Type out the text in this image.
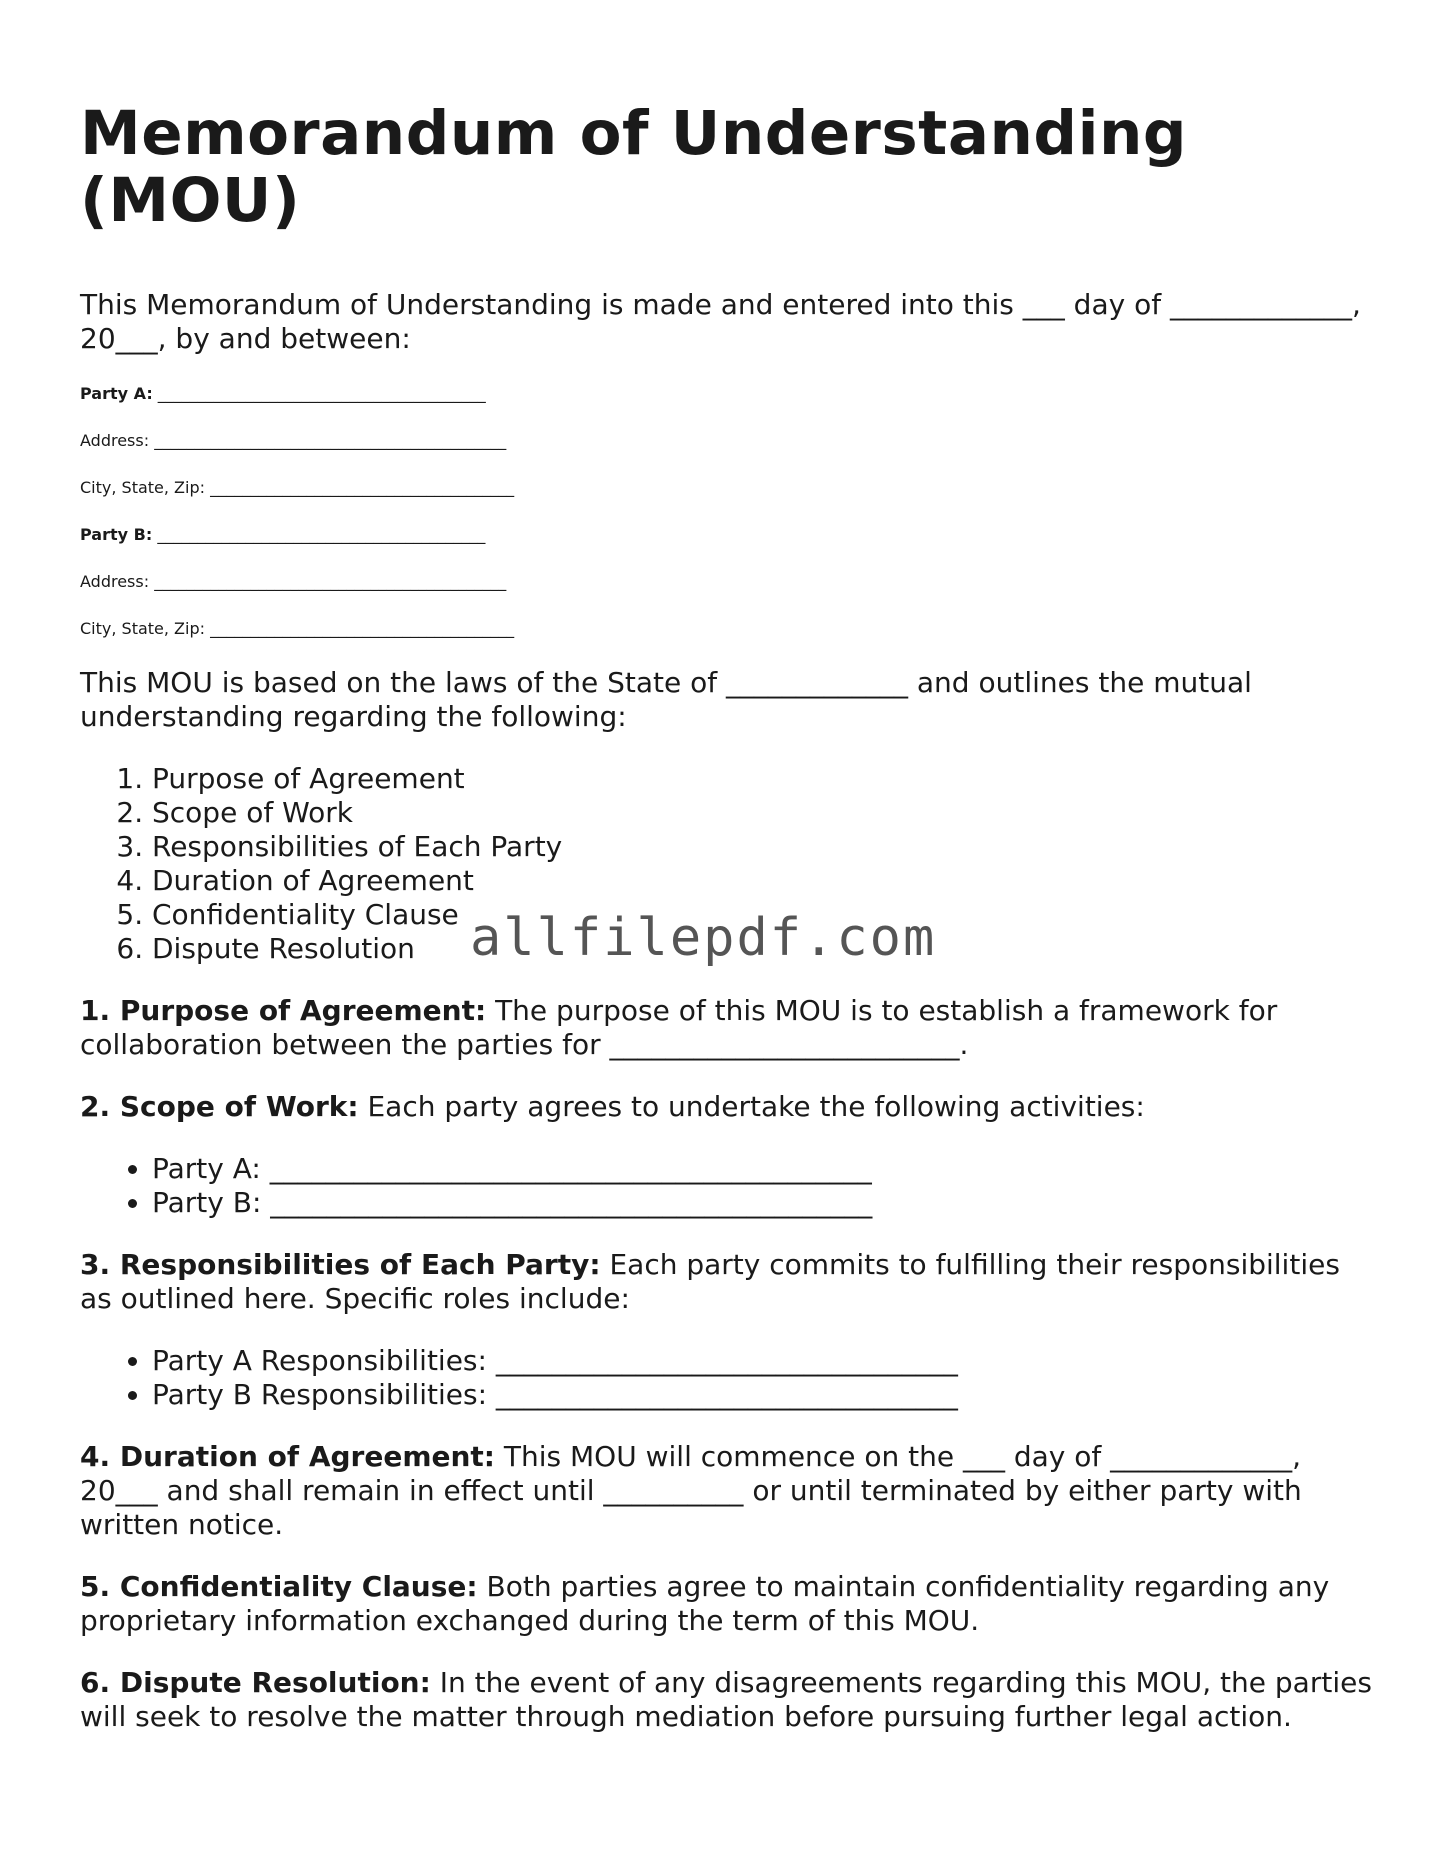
Memorandum of Understanding (MOU)

This Memorandum of Understanding is made and entered into this ___ day of _____________, 20___, by and between:

Party A: _________________________________________
Address: ____________________________________________
City, State, Zip: ______________________________________
Party B: _________________________________________
Address: ____________________________________________
City, State, Zip: ______________________________________

This MOU is based on the laws of the State of _____________ and outlines the mutual understanding regarding the following:

1. Purpose of Agreement
2. Scope of Work
3. Responsibilities of Each Party
4. Duration of Agreement
5. Confidentiality Clause
6. Dispute Resolution

1. Purpose of Agreement: The purpose of this MOU is to establish a framework for collaboration between the parties for _________________________.

2. Scope of Work: Each party agrees to undertake the following activities:

• Party A: ___________________________________________
• Party B: ___________________________________________

3. Responsibilities of Each Party: Each party commits to fulfilling their responsibilities as outlined here. Specific roles include:

• Party A Responsibilities: _________________________________
• Party B Responsibilities: _________________________________

4. Duration of Agreement: This MOU will commence on the ___ day of _____________, 20___ and shall remain in effect until __________ or until terminated by either party with written notice.

5. Confidentiality Clause: Both parties agree to maintain confidentiality regarding any proprietary information exchanged during the term of this MOU.

6. Dispute Resolution: In the event of any disagreements regarding this MOU, the parties will seek to resolve the matter through mediation before pursuing further legal action.

allfilepdf.com
